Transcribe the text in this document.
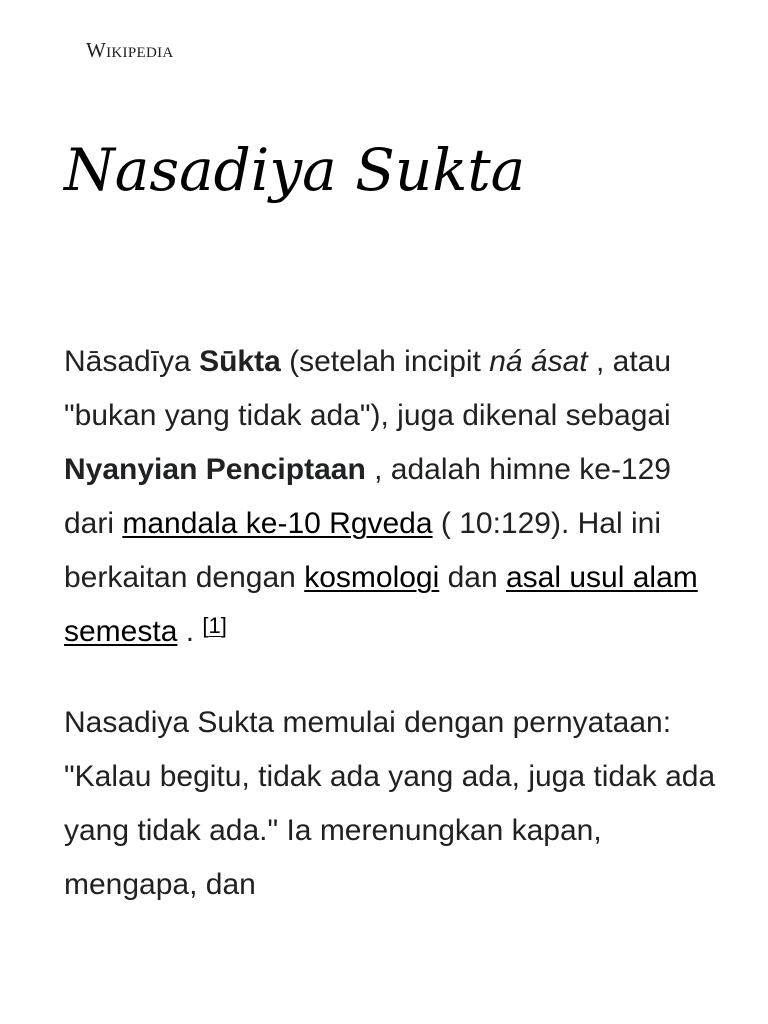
Wikipedia
Nasadiya Sukta

Nāsadīya Sūkta (setelah incipit ná ásat , atau "bukan yang tidak ada"), juga dikenal sebagai Nyanyian Penciptaan , adalah himne ke-129 dari mandala ke-10 Rgveda ( 10:129). Hal ini berkaitan dengan kosmologi dan asal usul alam semesta . [1]

Nasadiya Sukta memulai dengan pernyataan: "Kalau begitu, tidak ada yang ada, juga tidak ada yang tidak ada." Ia merenungkan kapan, mengapa, dan
